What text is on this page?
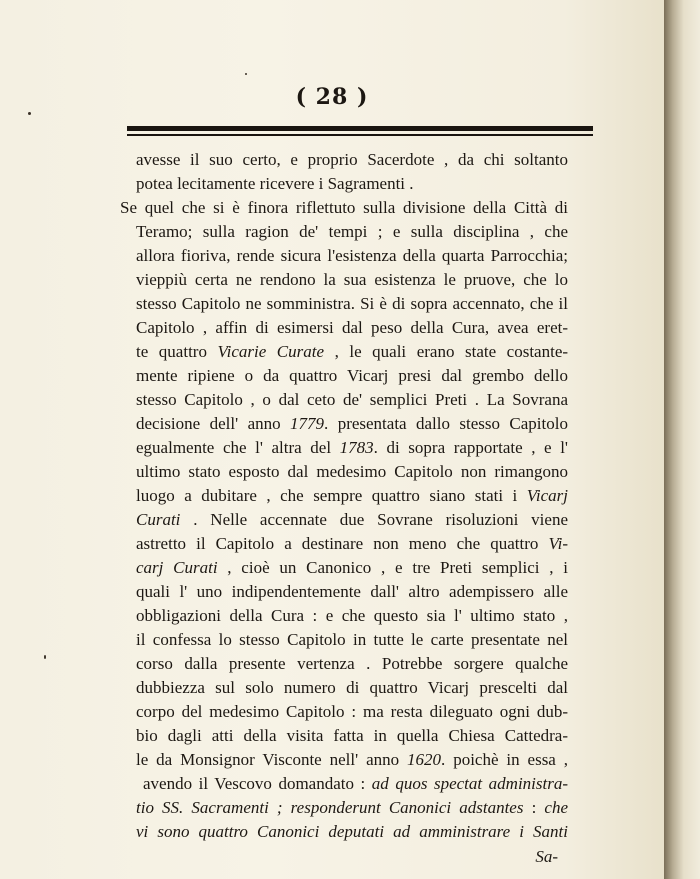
( 28 )
avesse il suo certo, e proprio Sacerdote , da chi soltanto
potea lecitamente ricevere i Sagramenti .
Se quel che si è finora riflettuto sulla divisione della Città di
Teramo; sulla ragion de' tempi ; e sulla disciplina , che
allora fioriva, rende sicura l'esistenza della quarta Parrocchia;
vieppiù certa ne rendono la sua esistenza le pruove, che lo
stesso Capitolo ne somministra. Si è di sopra accennato, che il
Capitolo , affin di esimersi dal peso della Cura, avea eret-
te quattro Vicarie Curate , le quali erano state costante-
mente ripiene o da quattro Vicarj presi dal grembo dello
stesso Capitolo , o dal ceto de' semplici Preti . La Sovrana
decisione dell' anno 1779. presentata dallo stesso Capitolo
egualmente che l' altra del 1783. di sopra rapportate , e l'
ultimo stato esposto dal medesimo Capitolo non rimangono
luogo a dubitare , che sempre quattro siano stati i Vicarj
Curati . Nelle accennate due Sovrane risoluzioni viene
astretto il Capitolo a destinare non meno che quattro Vi-
carj Curati , cioè un Canonico , e tre Preti semplici , i
quali l' uno indipendentemente dall' altro adempissero alle
obbligazioni della Cura : e che questo sia l' ultimo stato ,
il confessa lo stesso Capitolo in tutte le carte presentate nel
corso dalla presente vertenza . Potrebbe sorgere qualche
dubbiezza sul solo numero di quattro Vicarj prescelti dal
corpo del medesimo Capitolo : ma resta dileguato ogni dub-
bio dagli atti della visita fatta in quella Chiesa Cattedra-
le da Monsignor Visconte nell' anno 1620. poichè in essa ,
avendo il Vescovo domandato : ad quos spectat administra-
tio SS. Sacramenti ; responderunt Canonici adstantes : che
vi sono quattro Canonici deputati ad amministrare i Santi
Sa-
